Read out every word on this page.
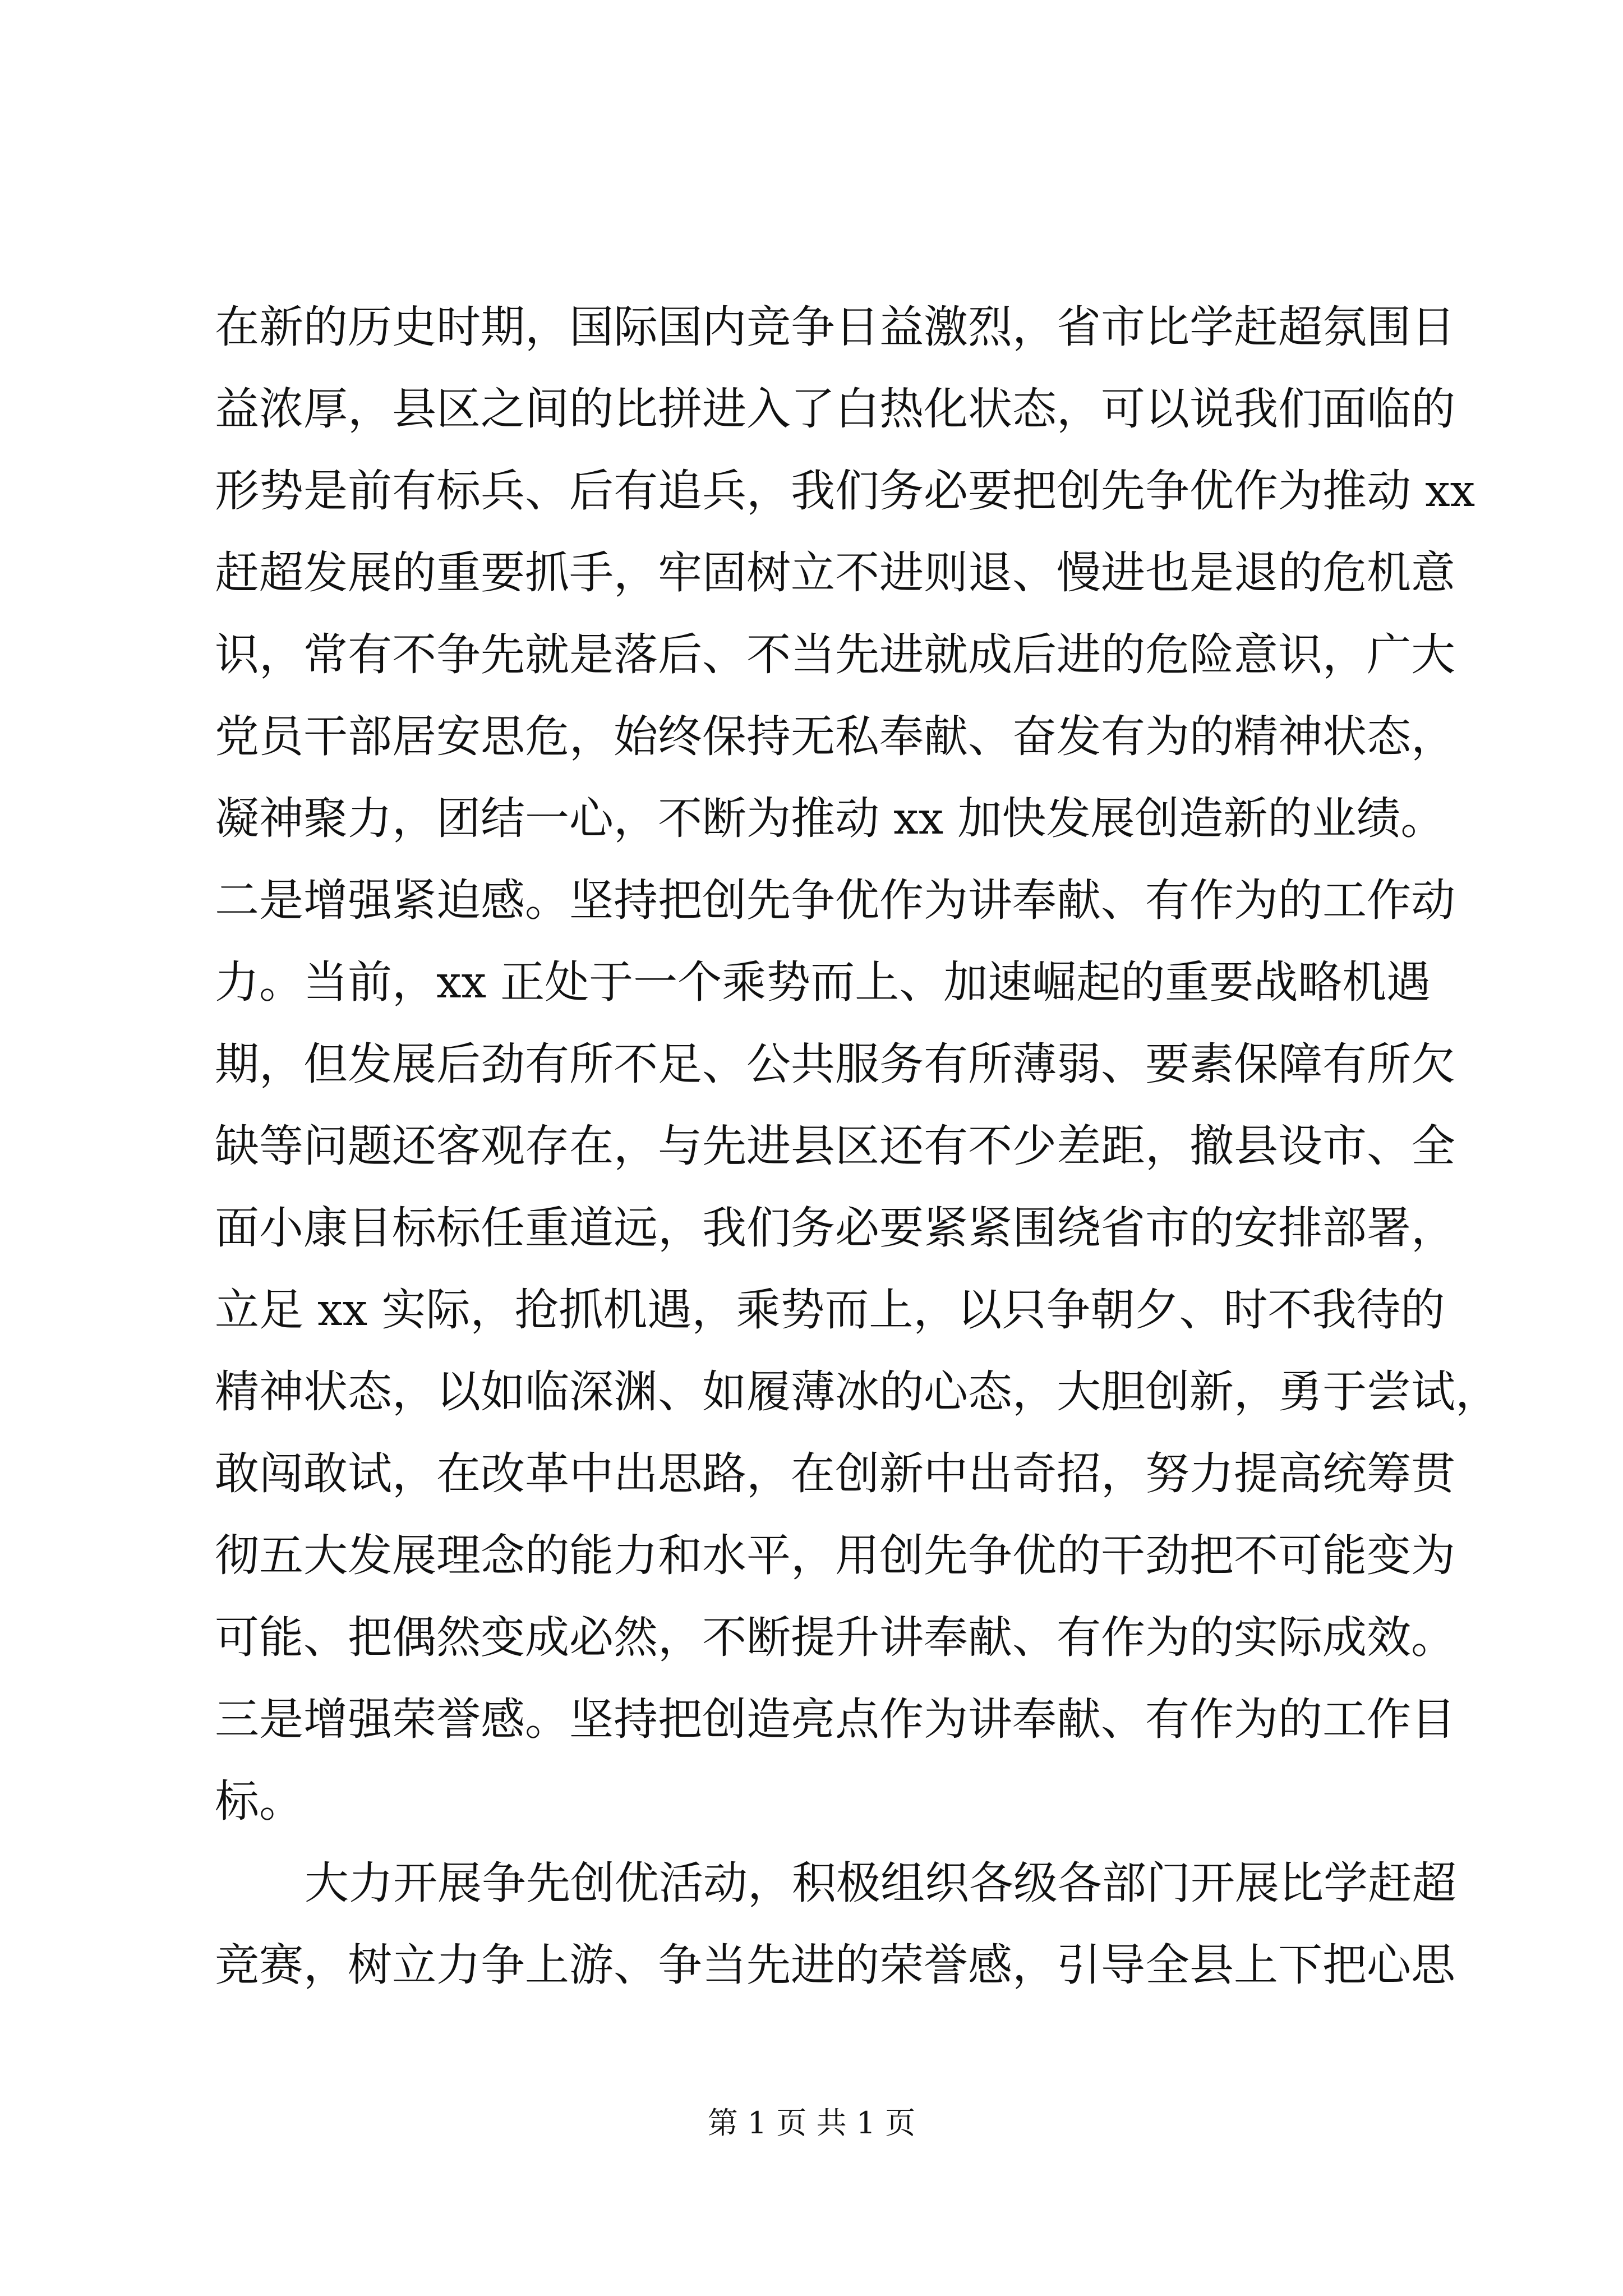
在新的历史时期，国际国内竞争日益激烈，省市比学赶超氛围日
益浓厚，县区之间的比拼进入了白热化状态，可以说我们面临的
形势是前有标兵、后有追兵，我们务必要把创先争优作为推动 xx
赶超发展的重要抓手，牢固树立不进则退、慢进也是退的危机意
识，常有不争先就是落后、不当先进就成后进的危险意识，广大
党员干部居安思危，始终保持无私奉献、奋发有为的精神状态，
凝神聚力，团结一心，不断为推动 xx 加快发展创造新的业绩。
二是增强紧迫感。坚持把创先争优作为讲奉献、有作为的工作动
力。当前，xx 正处于一个乘势而上、加速崛起的重要战略机遇
期，但发展后劲有所不足、公共服务有所薄弱、要素保障有所欠
缺等问题还客观存在，与先进县区还有不少差距，撤县设市、全
面小康目标标任重道远，我们务必要紧紧围绕省市的安排部署，
立足 xx 实际，抢抓机遇，乘势而上，以只争朝夕、时不我待的
精神状态，以如临深渊、如履薄冰的心态，大胆创新，勇于尝试，
敢闯敢试，在改革中出思路，在创新中出奇招，努力提高统筹贯
彻五大发展理念的能力和水平，用创先争优的干劲把不可能变为
可能、把偶然变成必然，不断提升讲奉献、有作为的实际成效。
三是增强荣誉感。坚持把创造亮点作为讲奉献、有作为的工作目
标。
大力开展争先创优活动，积极组织各级各部门开展比学赶超
竞赛，树立力争上游、争当先进的荣誉感，引导全县上下把心思
第 1 页 共 1 页
